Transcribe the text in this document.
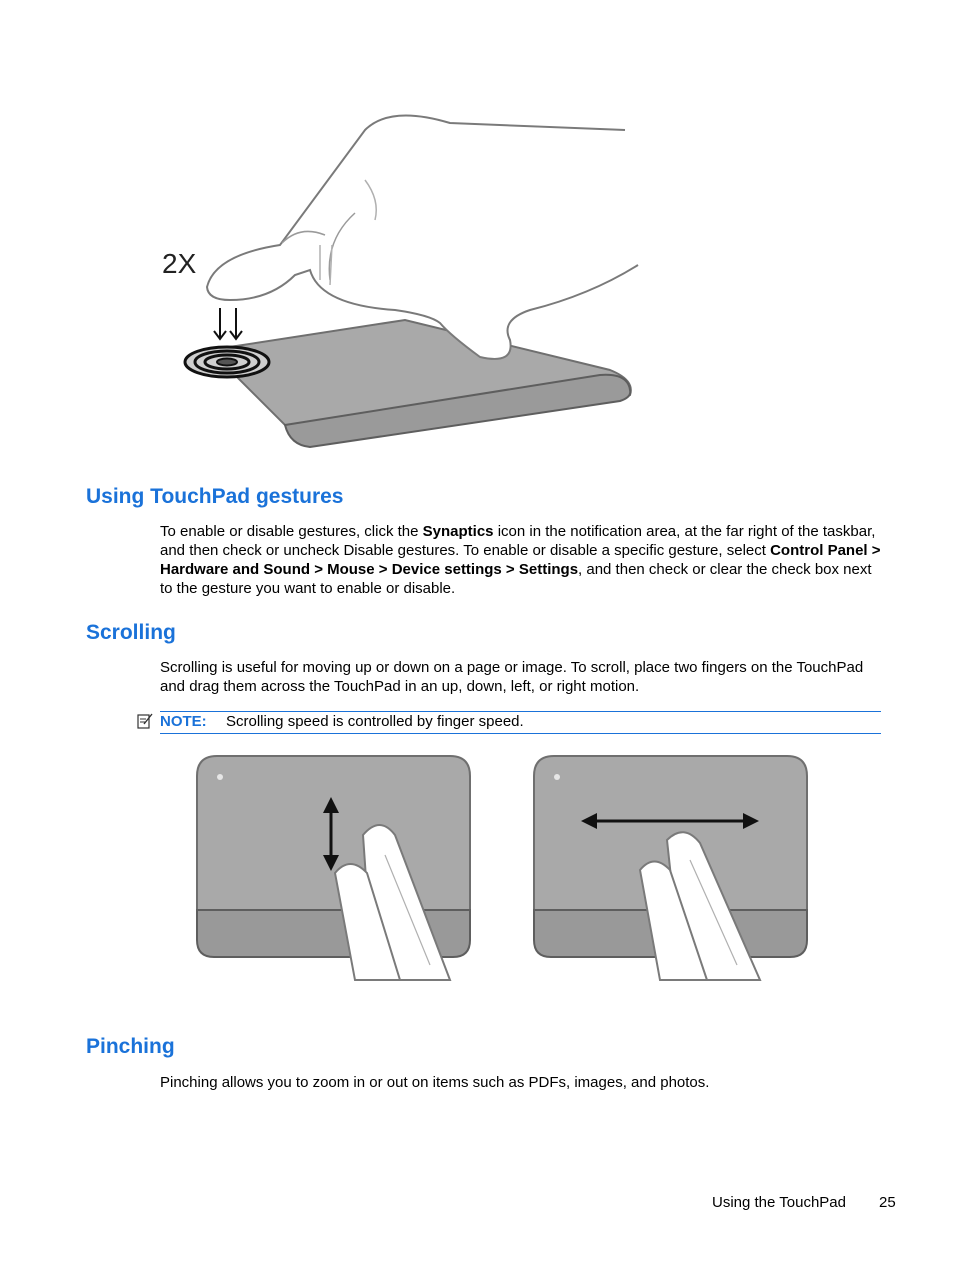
2X
Using TouchPad gestures

To enable or disable gestures, click the Synaptics icon in the notification area, at the far right of the taskbar, and then check or uncheck Disable gestures. To enable or disable a specific gesture, select Control Panel > Hardware and Sound > Mouse > Device settings > Settings, and then check or clear the check box next to the gesture you want to enable or disable.

Scrolling

Scrolling is useful for moving up or down on a page or image. To scroll, place two fingers on the TouchPad and drag them across the TouchPad in an up, down, left, or right motion.

NOTE: Scrolling speed is controlled by finger speed.
Pinching

Pinching allows you to zoom in or out on items such as PDFs, images, and photos.

Using the TouchPad 25
